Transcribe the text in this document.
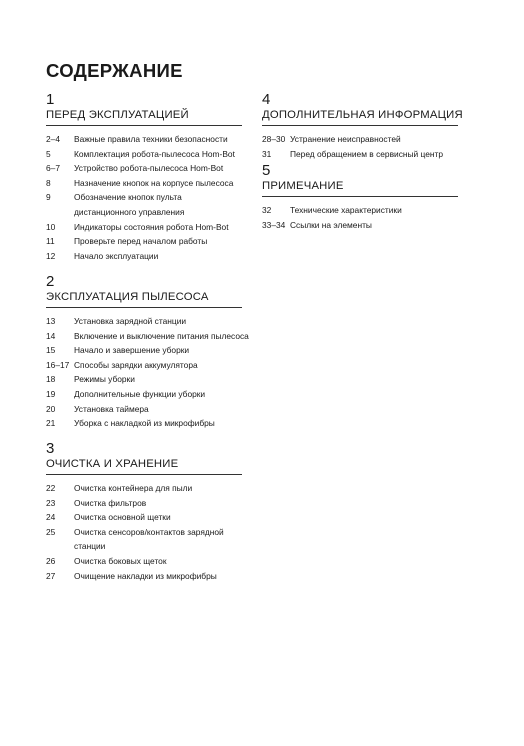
СОДЕРЖАНИЕ
1
ПЕРЕД ЭКСПЛУАТАЦИЕЙ
2–4	Важные правила техники безопасности
5	Комплектация робота-пылесоса Hom-Bot
6–7	Устройство робота-пылесоса Hom-Bot
8	Назначение кнопок на корпусе пылесоса
9	Обозначение кнопок пульта
дистанционного управления
10	Индикаторы состояния робота Hom-Bot
11	Проверьте перед началом работы
12	Начало эксплуатации
2
ЭКСПЛУАТАЦИЯ ПЫЛЕСОСА
13	Установка зарядной станции
14	Включение и выключение питания пылесоса
15	Начало и завершение уборки
16–17 Способы зарядки аккумулятора
18	Режимы уборки
19	Дополнительные функции уборки
20	Установка таймера
21	Уборка с накладкой из микрофибры
3
ОЧИСТКА И ХРАНЕНИЕ
22	Очистка контейнера для пыли
23	Очистка фильтров
24	Очистка основной щетки
25	Очистка сенсоров/контактов зарядной
станции
26	Очистка боковых щеток
27	Очищение накладки из микрофибры
4
ДОПОЛНИТЕЛЬНАЯ ИНФОРМАЦИЯ
28–30 Устранение неисправностей
31	Перед обращением в сервисный центр
5
ПРИМЕЧАНИЕ
32	Технические характеристики
33–34 Ссылки на элементы
